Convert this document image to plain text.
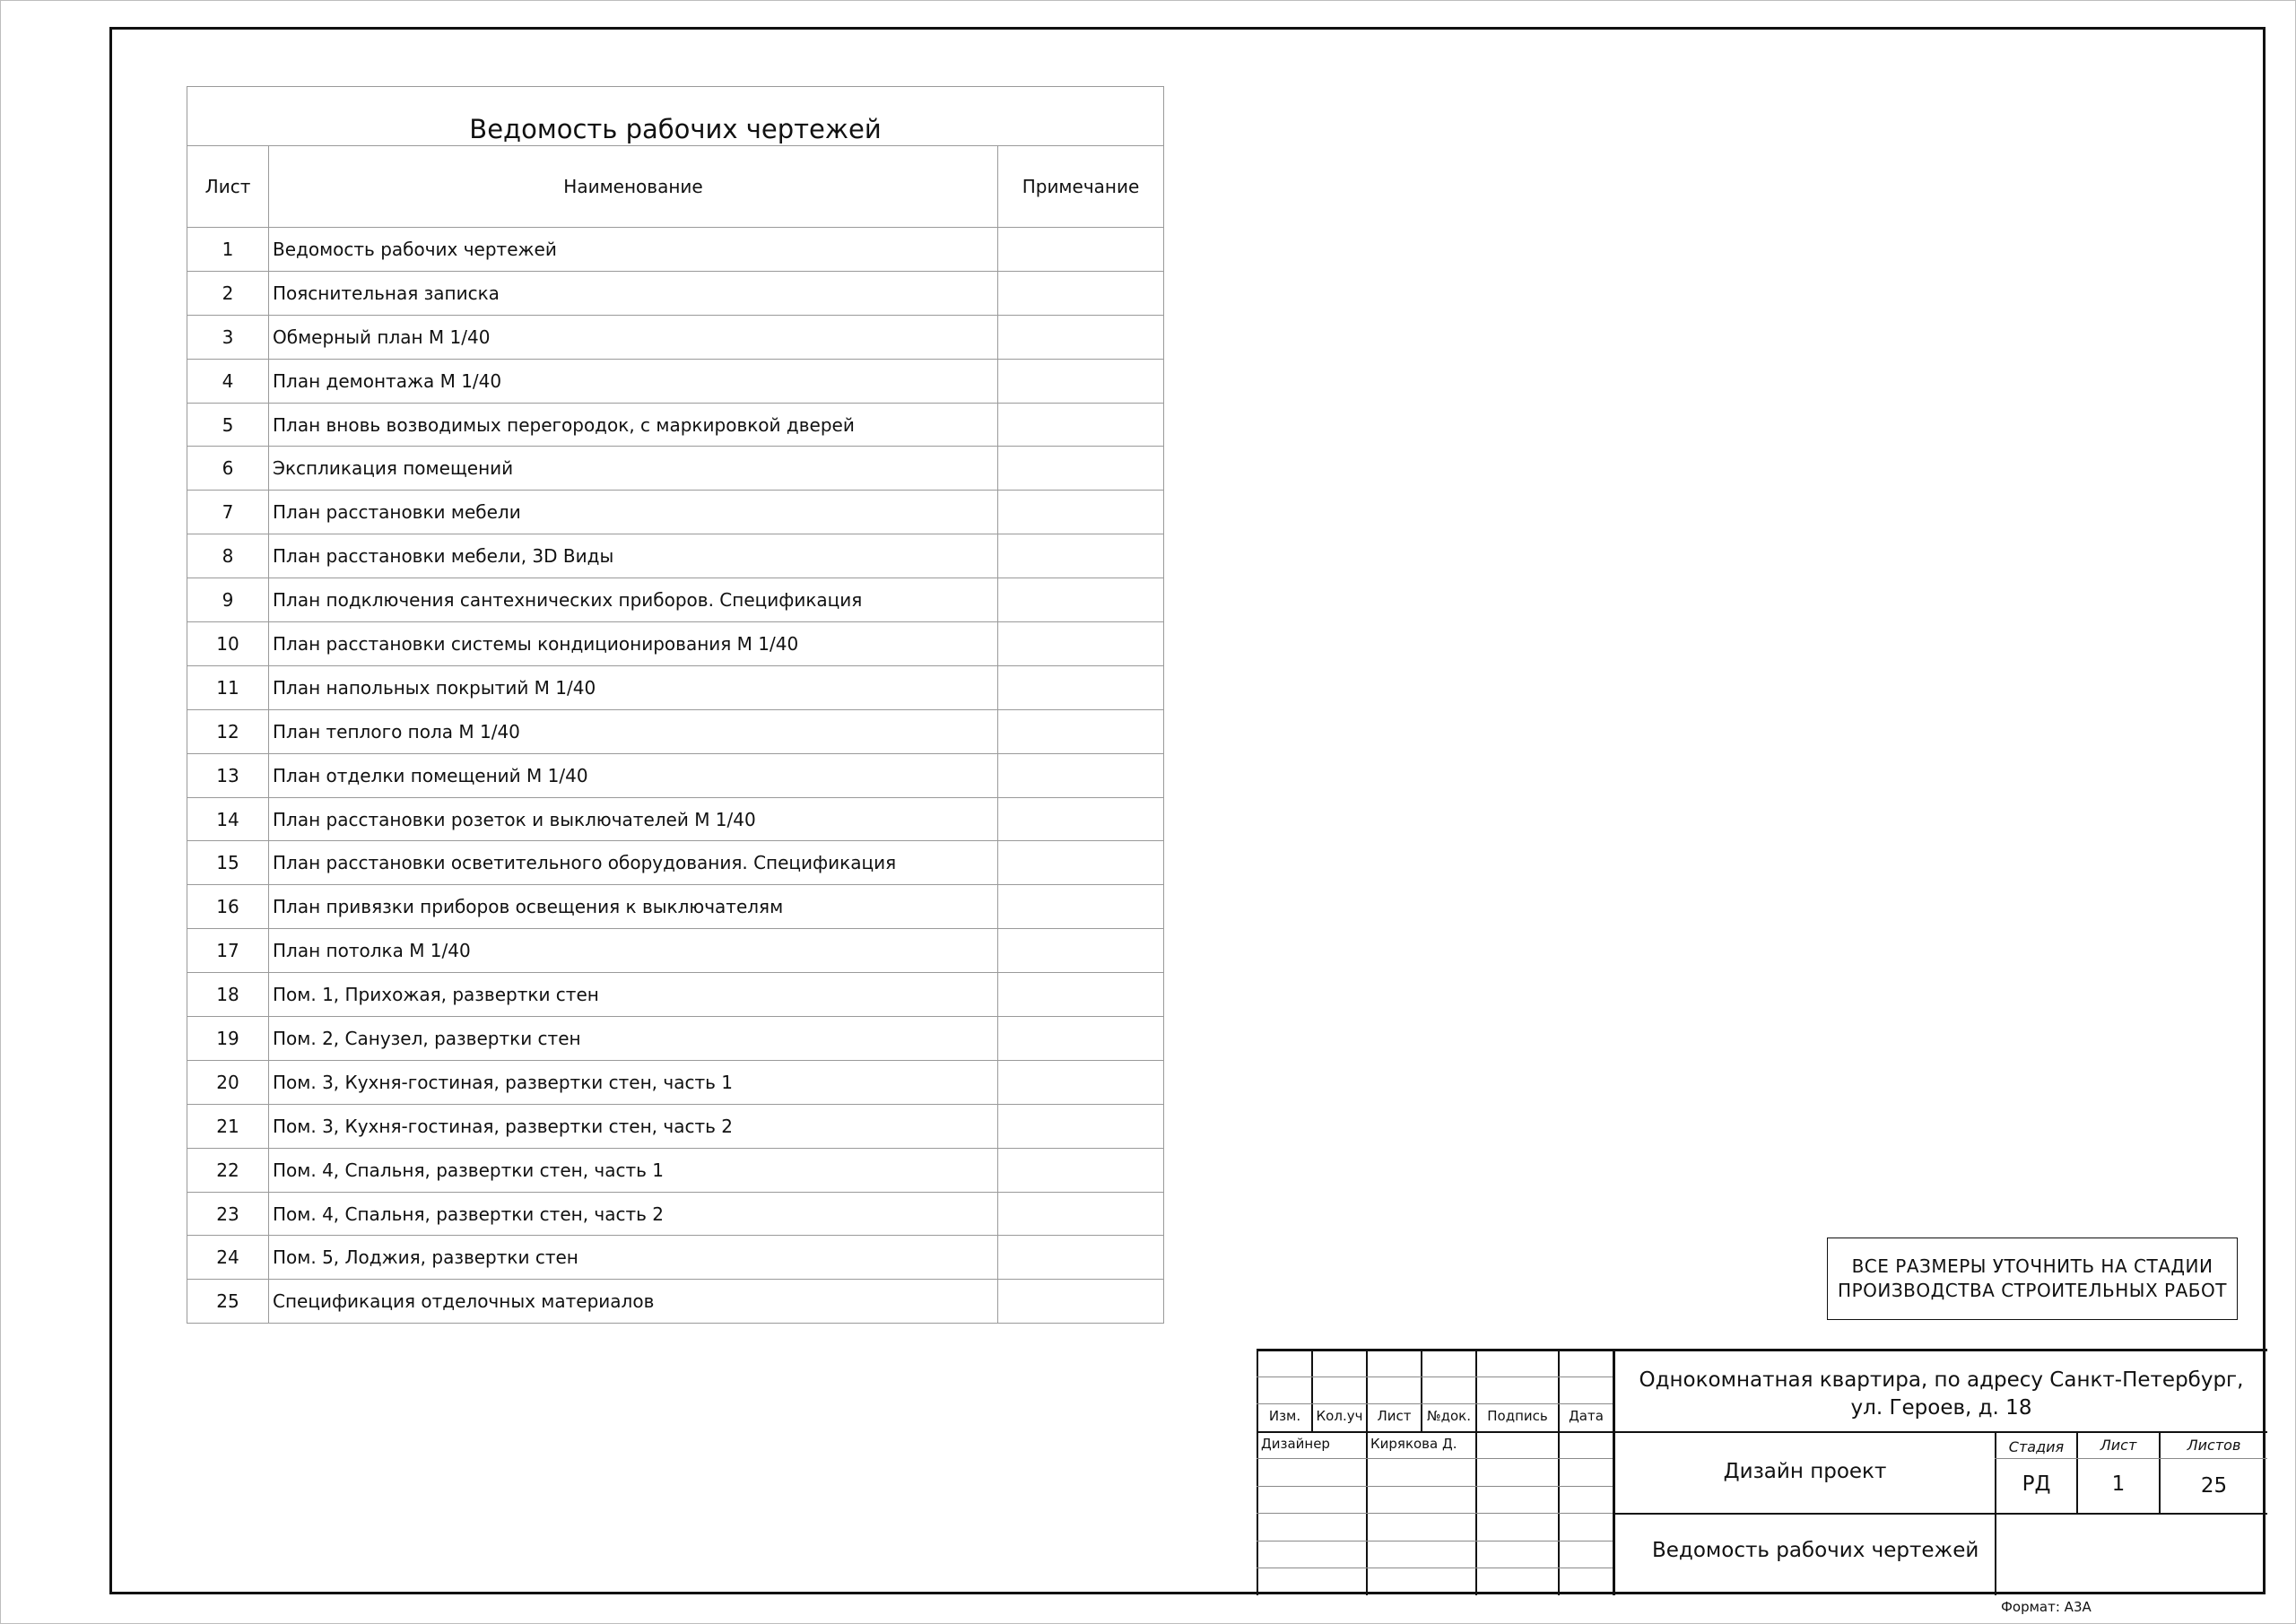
Ведомость рабочих чертежей		
Лист	Наименование	Примечание
1	Ведомость рабочих чертежей	
2	Пояснительная записка	
3	Обмерный план М 1/40	
4	План демонтажа М 1/40	
5	План вновь возводимых перегородок, с маркировкой дверей	
6	Экспликация помещений	
7	План расстановки мебели	
8	План расстановки мебели, 3D Виды	
9	План подключения сантехнических приборов. Спецификация	
10	План расстановки системы кондиционирования М 1/40	
11	План напольных покрытий М 1/40	
12	План теплого пола М 1/40	
13	План отделки помещений М 1/40	
14	План расстановки розеток и выключателей М 1/40	
15	План расстановки осветительного оборудования. Спецификация	
16	План привязки приборов освещения к выключателям	
17	План потолка М 1/40	
18	Пом. 1, Прихожая, развертки стен	
19	Пом. 2, Санузел, развертки стен	
20	Пом. 3, Кухня-гостиная, развертки стен, часть 1	
21	Пом. 3, Кухня-гостиная, развертки стен, часть 2	
22	Пом. 4, Спальня, развертки стен, часть 1	
23	Пом. 4, Спальня, развертки стен, часть 2	
24	Пом. 5, Лоджия, развертки стен	
25	Спецификация отделочных материалов	
ВСЕ РАЗМЕРЫ УТОЧНИТЬ НА СТАДИИ
ПРОИЗВОДСТВА СТРОИТЕЛЬНЫХ РАБОТ
Изм.	Кол.уч	Лист	№док.	Подпись	Дата
Дизайнер	Кирякова Д.
Однокомнатная квартира, по адресу Санкт-Петербург,
ул. Героев, д. 18
Дизайн проект
Стадия	Лист	Листов
РД	1	25
Ведомость рабочих чертежей
Формат: А3А
